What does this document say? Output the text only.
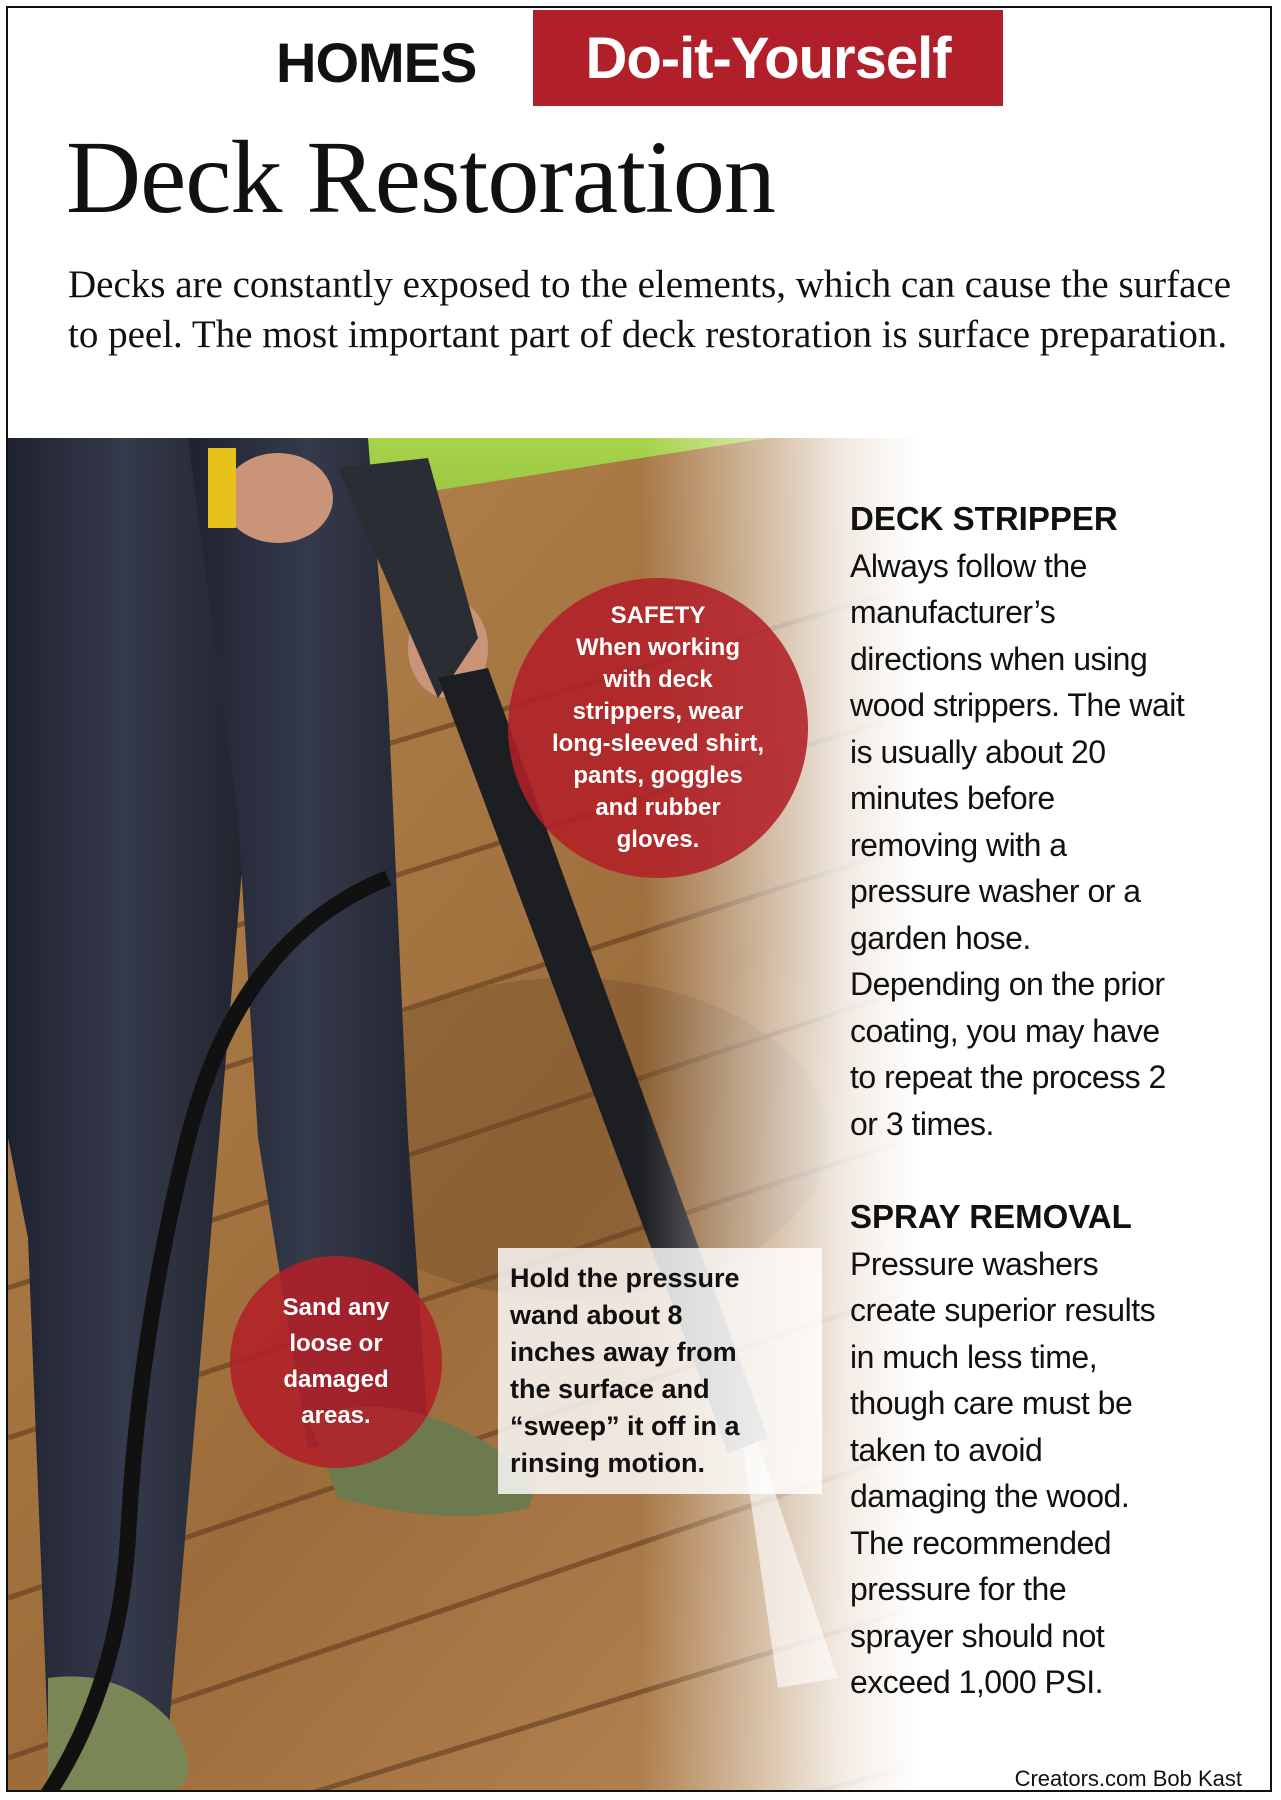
HOMES	Do-it-Yourself
Deck Restoration
Decks are constantly exposed to the elements, which can cause the surface to peel. The most important part of deck restoration is surface preparation.
DECK STRIPPER
Always follow the
manufacturer’s
directions when using
wood strippers. The wait
is usually about 20
minutes before
removing with a
pressure washer or a
garden hose.
Depending on the prior
coating, you may have
to repeat the process 2
or 3 times.
SPRAY REMOVAL
Pressure washers
create superior results
in much less time,
though care must be
taken to avoid
damaging the wood.
The recommended
pressure for the
sprayer should not
exceed 1,000 PSI.
SAFETY
When working
with deck
strippers, wear
long-sleeved shirt,
pants, goggles
and rubber
gloves.
Sand any
loose or
damaged
areas.
Hold the pressure
wand about 8
inches away from
the surface and
“sweep” it off in a
rinsing motion.
Creators.com Bob Kast
